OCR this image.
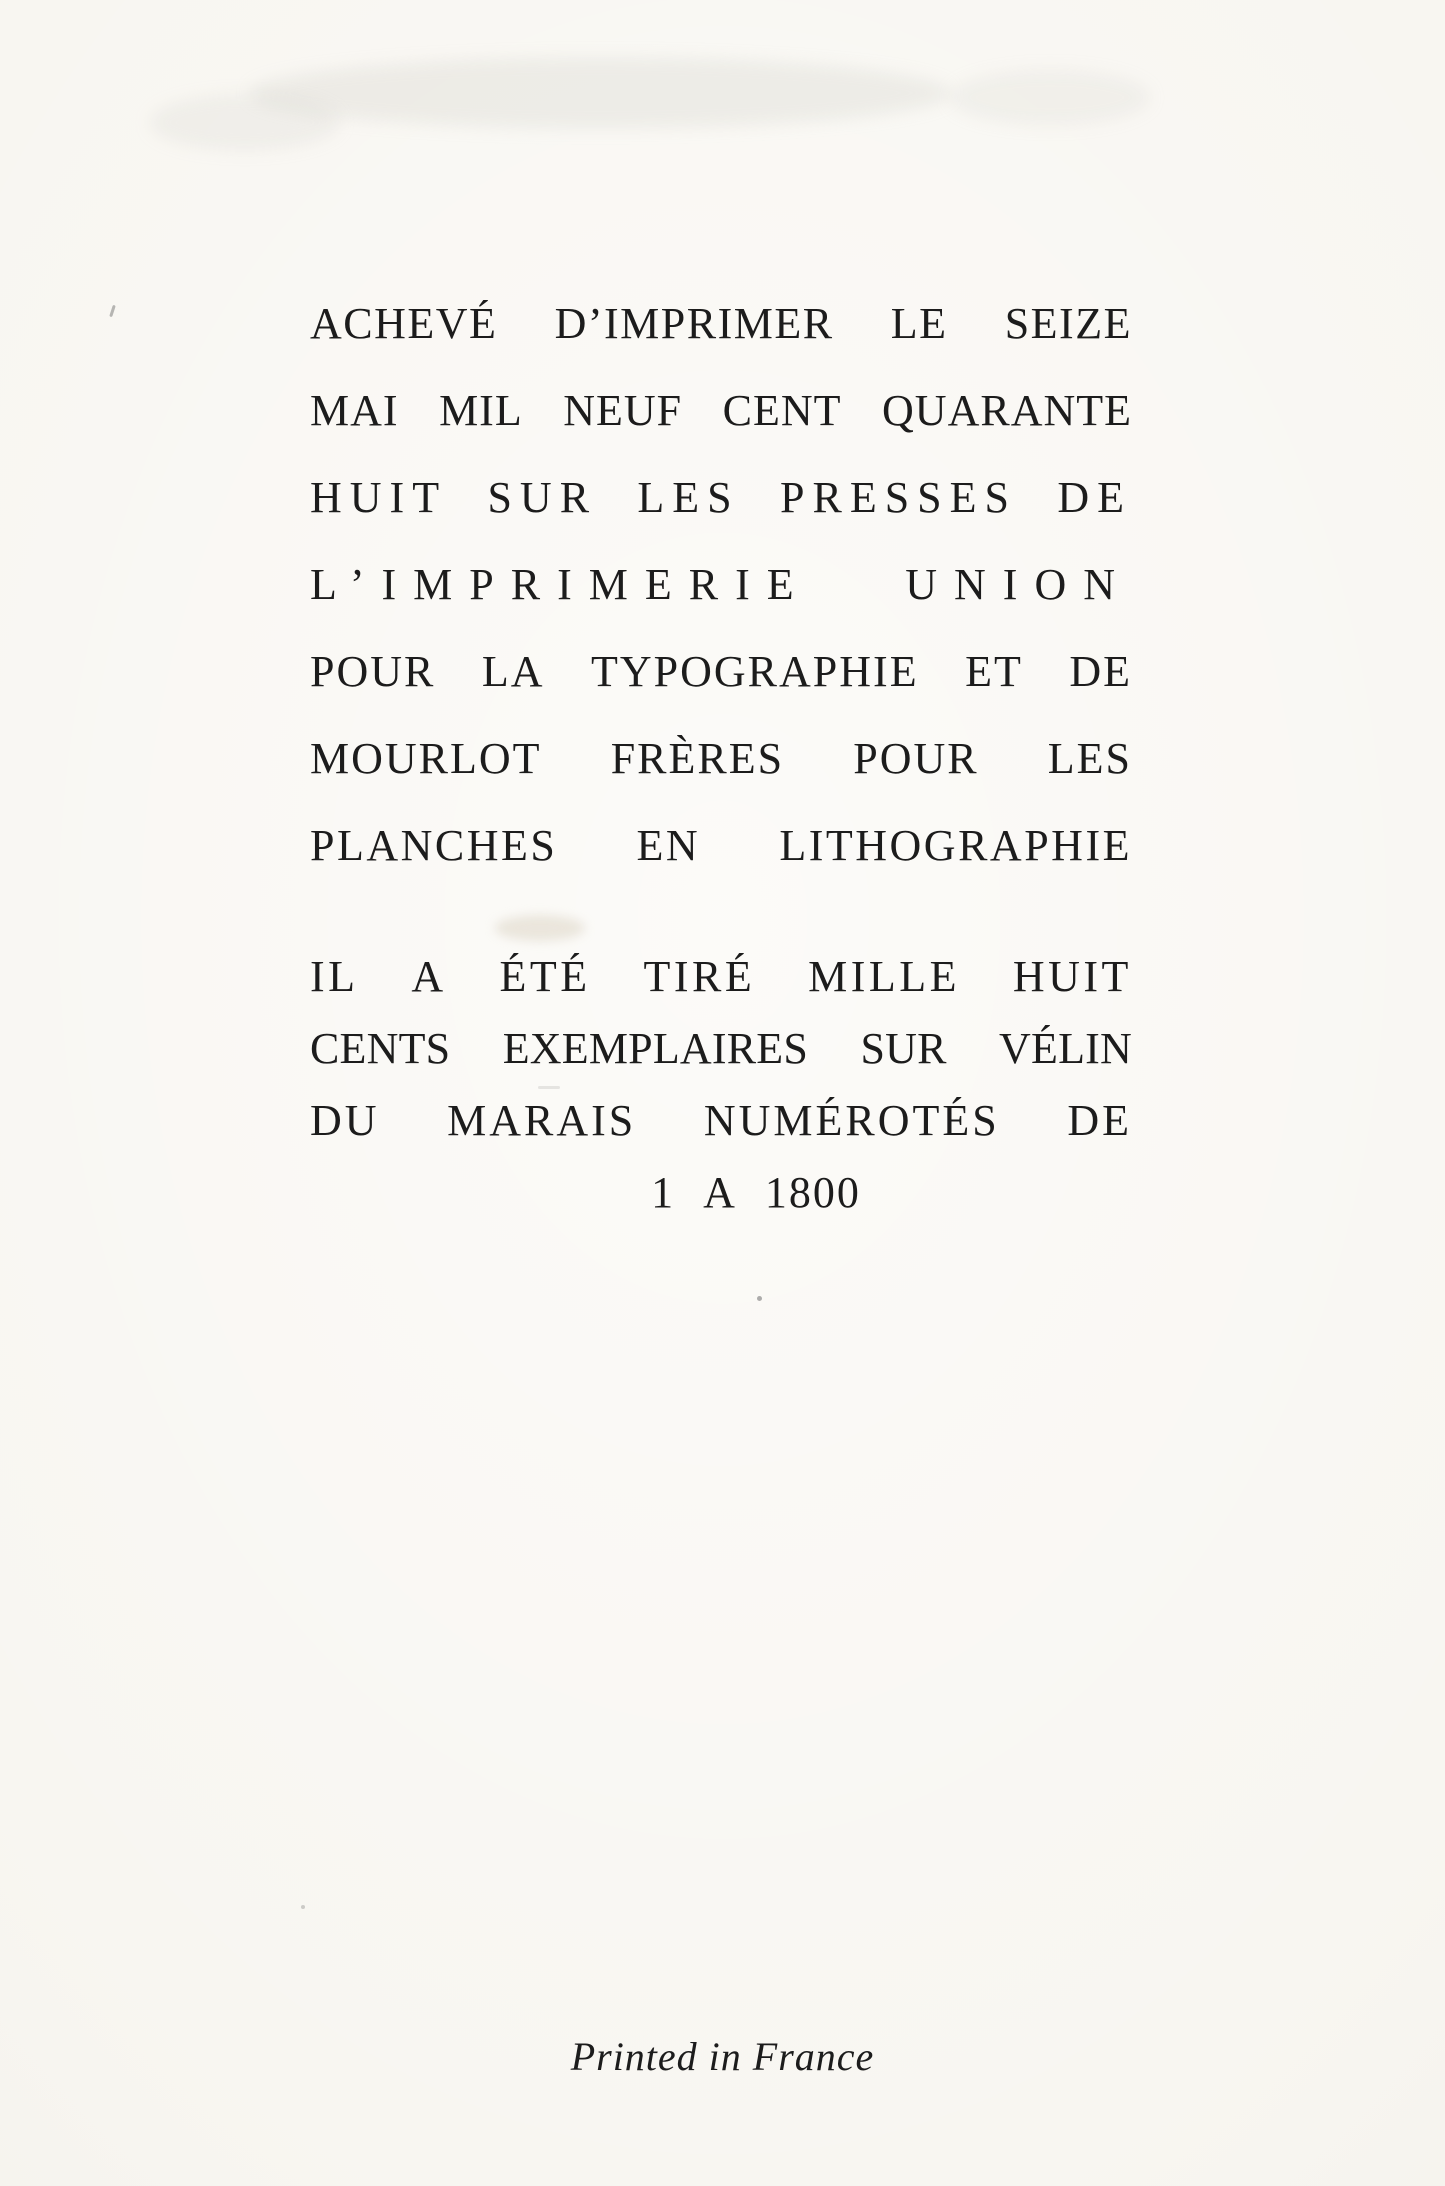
ACHEVÉ D’IMPRIMER LE SEIZE
MAI MIL NEUF CENT QUARANTE
HUIT SUR LES PRESSES DE
L’IMPRIMERIE UNION
POUR LA TYPOGRAPHIE ET DE
MOURLOT FRÈRES POUR LES
PLANCHES EN LITHOGRAPHIE
IL A ÉTÉ TIRÉ MILLE HUIT
CENTS EXEMPLAIRES SUR VÉLIN
DU MARAIS NUMÉROTÉS DE
1 A 1800
Printed in France
